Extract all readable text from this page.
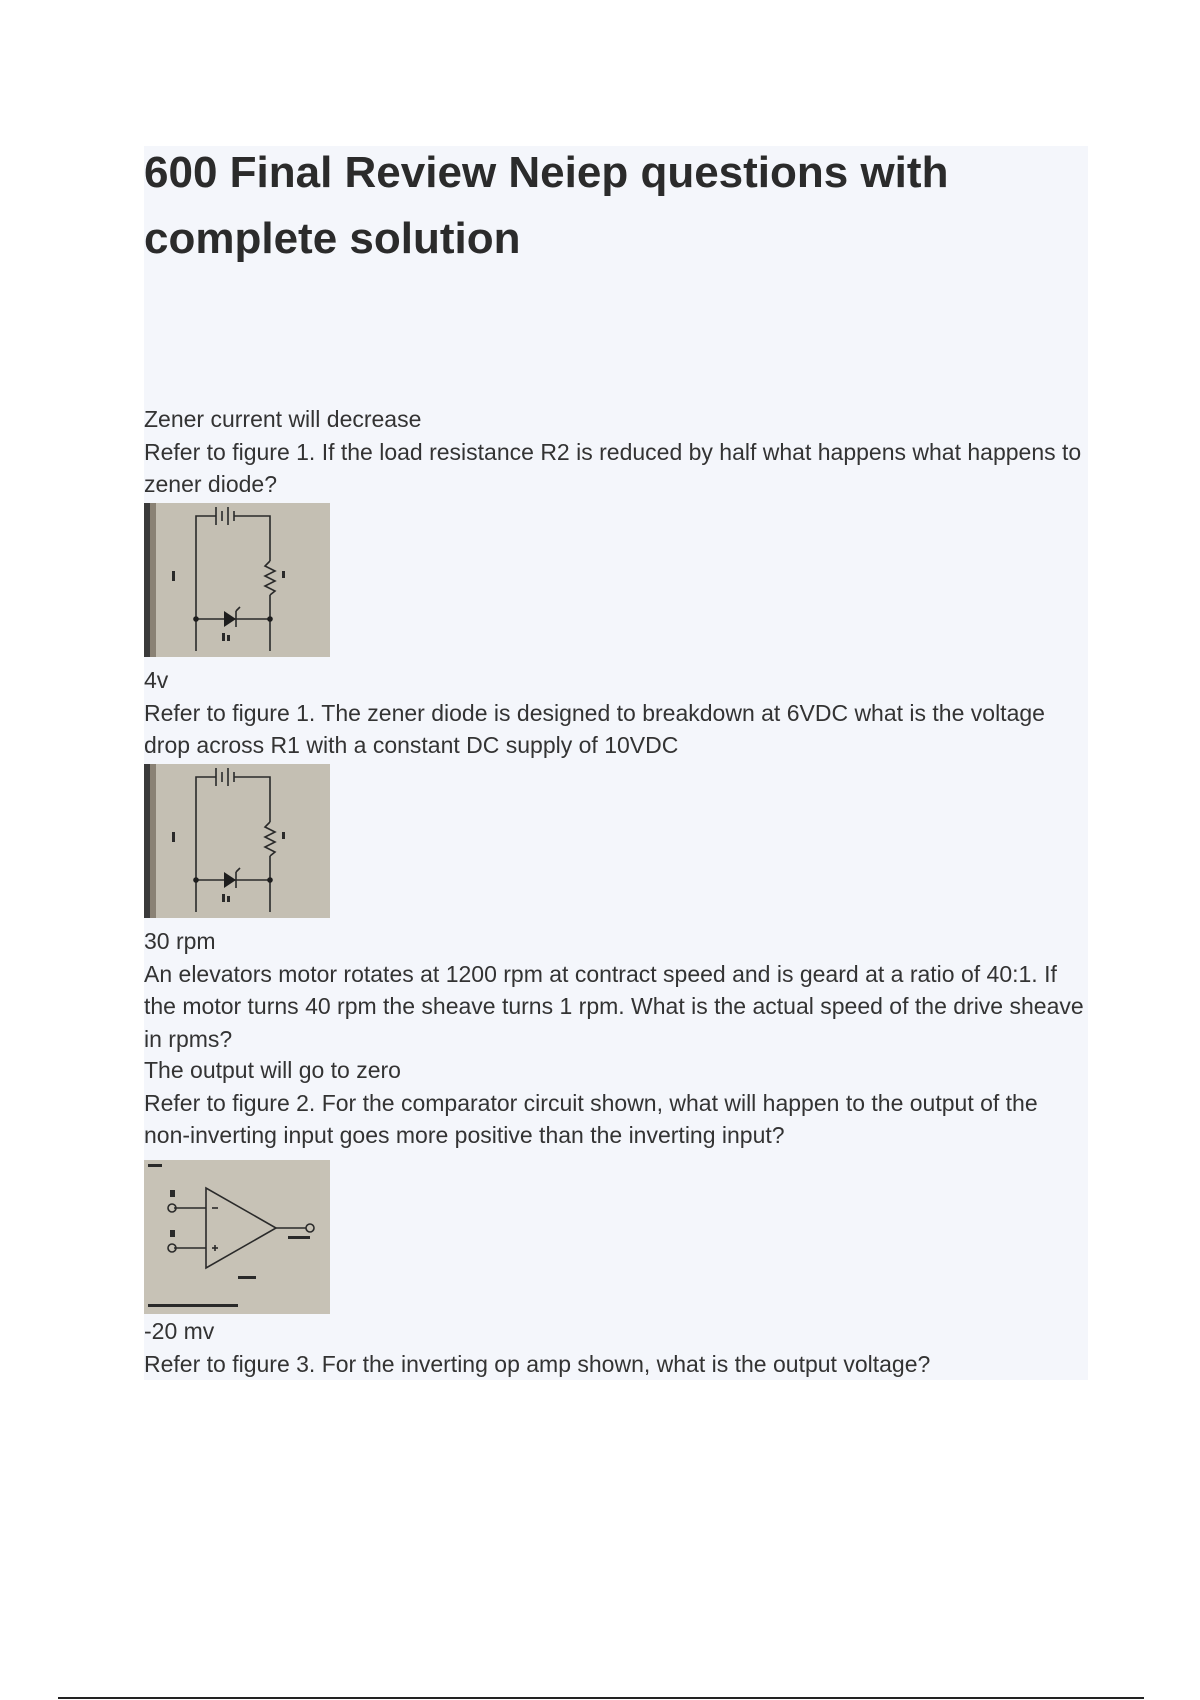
600 Final Review Neiep questions with complete solution

Zener current will decrease

Refer to figure 1. If the load resistance R2 is reduced by half what happens what happens to zener diode?

4v

Refer to figure 1. The zener diode is designed to breakdown at 6VDC what is the voltage drop across R1 with a constant DC supply of 10VDC

30 rpm

An elevators motor rotates at 1200 rpm at contract speed and is geard at a ratio of 40:1. If the motor turns 40 rpm the sheave turns 1 rpm. What is the actual speed of the drive sheave in rpms?

The output will go to zero

Refer to figure 2. For the comparator circuit shown, what will happen to the output of the non-inverting input goes more positive than the inverting input?

-20 mv

Refer to figure 3. For the inverting op amp shown, what is the output voltage?
